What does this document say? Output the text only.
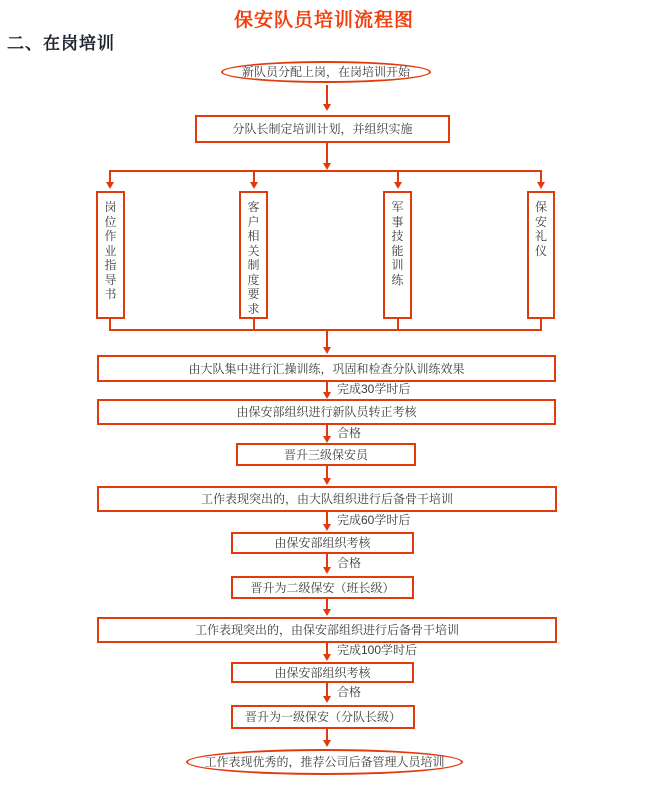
保安队员培训流程图
二、在岗培训
新队员分配上岗，在岗培训开始
分队长制定培训计划，并组织实施
岗位作业指导书
客户相关制度要求
军事技能训练
保安礼仪
由大队集中进行汇操训练，巩固和检查分队训练效果
完成30学时后
由保安部组织进行新队员转正考核
合格
晋升三级保安员
工作表现突出的，由大队组织进行后备骨干培训
完成60学时后
由保安部组织考核
合格
晋升为二级保安（班长级）
工作表现突出的，由保安部组织进行后备骨干培训
完成100学时后
由保安部组织考核
合格
晋升为一级保安（分队长级）
工作表现优秀的，推荐公司后备管理人员培训
